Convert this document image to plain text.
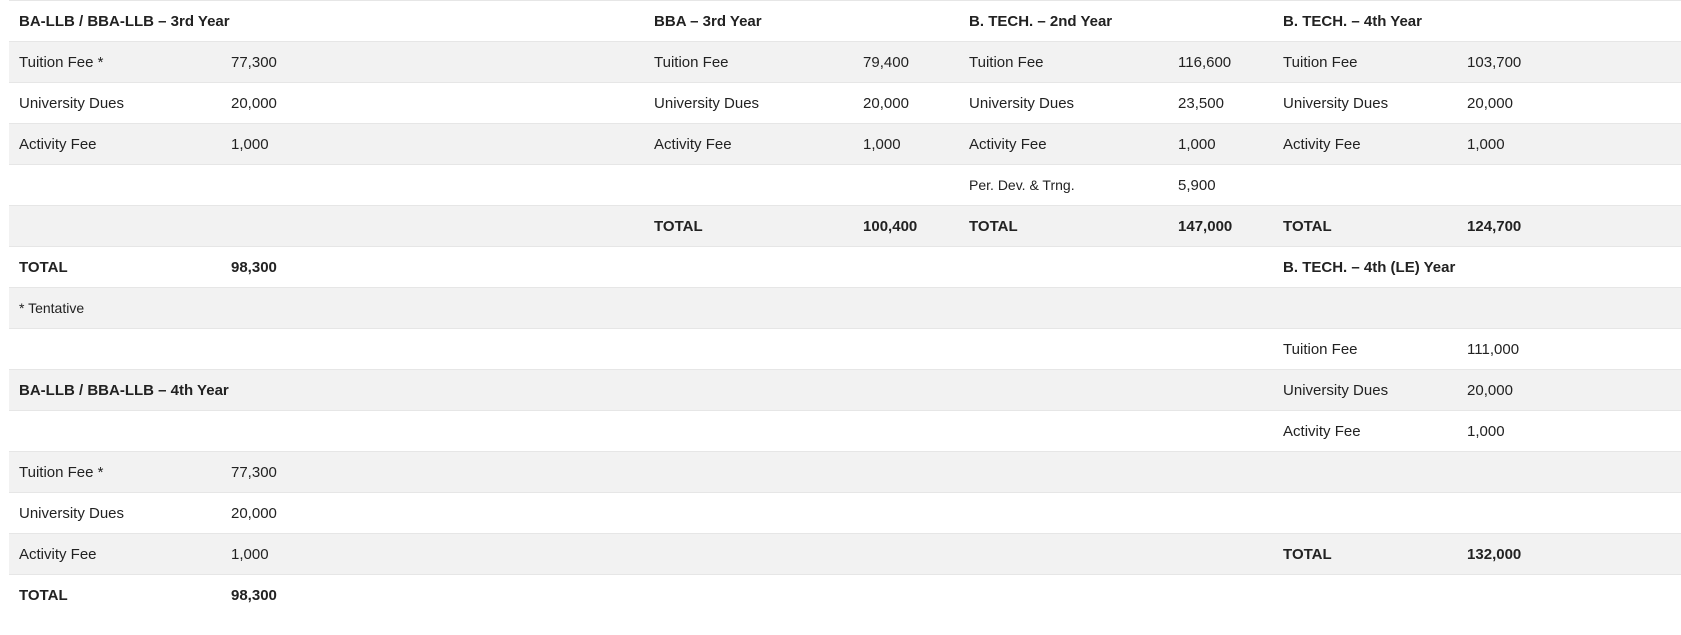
BA-LLB / BBA-LLB – 3rd Year			BBA – 3rd Year		B. TECH. – 2nd Year		B. TECH. – 4th Year	
Tuition Fee *	77,300		Tuition Fee	79,400	Tuition Fee	116,600	Tuition Fee	103,700
University Dues	20,000		University Dues	20,000	University Dues	23,500	University Dues	20,000
Activity Fee	1,000		Activity Fee	1,000	Activity Fee	1,000	Activity Fee	1,000
					Per. Dev. & Trng.	5,900		
			TOTAL	100,400	TOTAL	147,000	TOTAL	124,700
TOTAL	98,300						B. TECH. – 4th (LE) Year	
* Tentative								
							Tuition Fee	111,000
BA-LLB / BBA-LLB – 4th Year							University Dues	20,000
							Activity Fee	1,000
Tuition Fee *	77,300							
University Dues	20,000							
Activity Fee	1,000						TOTAL	132,000
TOTAL	98,300							
